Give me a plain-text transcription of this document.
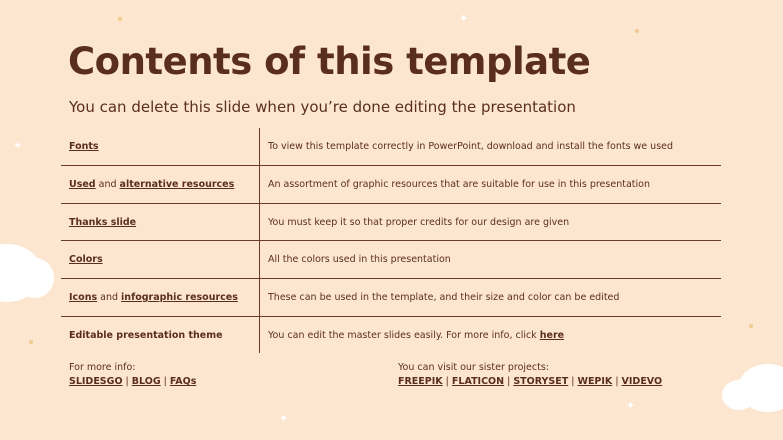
✦
✦
✦
✦
Contents of this template
You can delete this slide when you’re done editing the presentation
Fonts	To view this template correctly in PowerPoint, download and install the fonts we used
Used and alternative resources	An assortment of graphic resources that are suitable for use in this presentation
Thanks slide	You must keep it so that proper credits for our design are given
Colors	All the colors used in this presentation
Icons and infographic resources	These can be used in the template, and their size and color can be edited
Editable presentation theme	You can edit the master slides easily. For more info, click here
For more info:
SLIDESGO | BLOG | FAQs
You can visit our sister projects:
FREEPIK | FLATICON | STORYSET | WEPIK | VIDEVO
